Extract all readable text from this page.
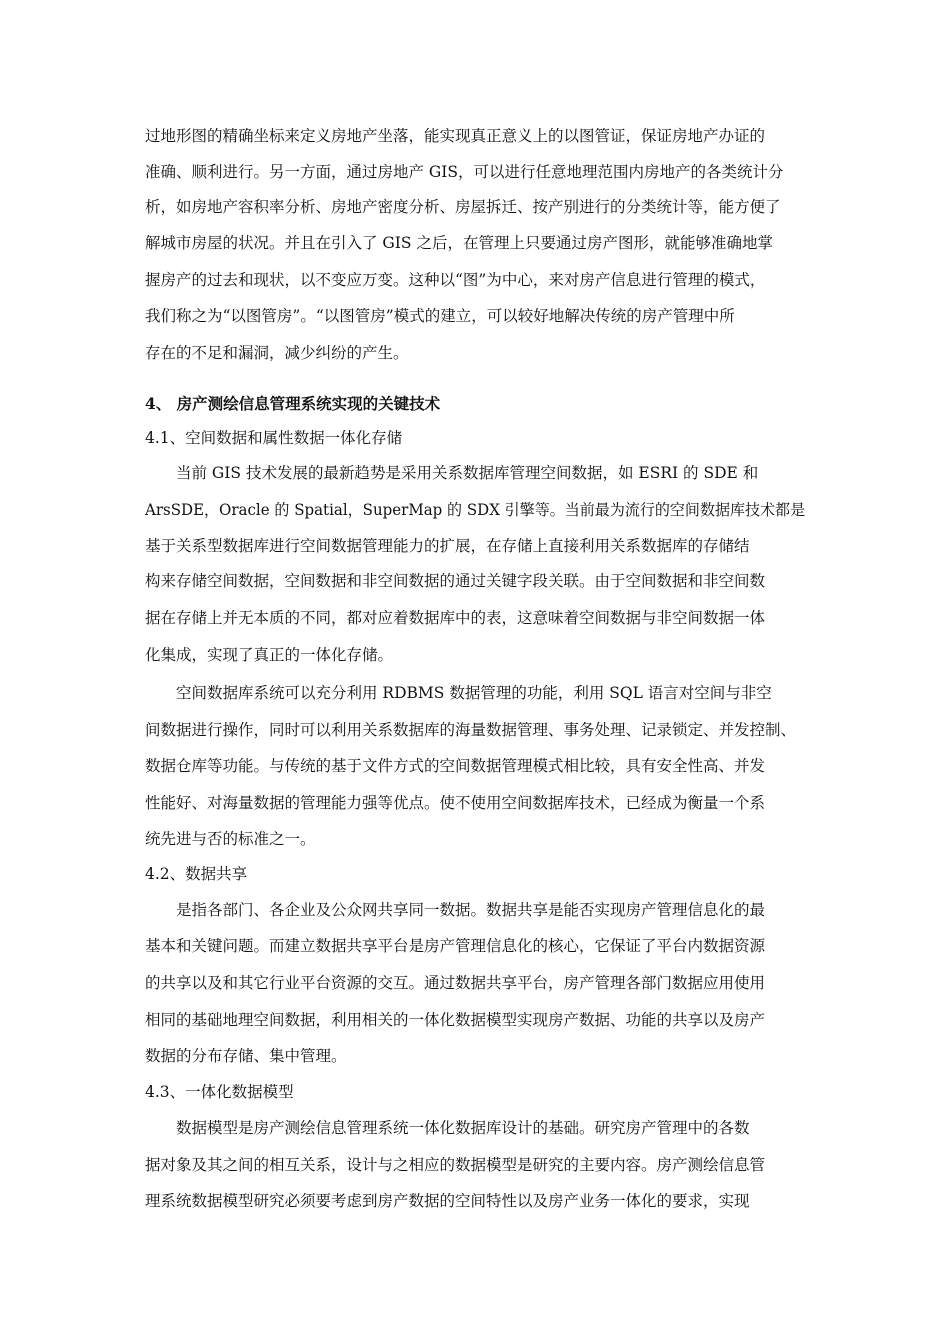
过地形图的精确坐标来定义房地产坐落，能实现真正意义上的以图管证，保证房地产办证的
准确、顺利进行。另一方面，通过房地产 GIS，可以进行任意地理范围内房地产的各类统计分
析，如房地产容积率分析、房地产密度分析、房屋拆迁、按产别进行的分类统计等，能方便了
解城市房屋的状况。并且在引入了 GIS 之后，在管理上只要通过房产图形，就能够准确地掌
握房产的过去和现状，以不变应万变。这种以“图”为中心，来对房产信息进行管理的模式，
我们称之为“以图管房”。“以图管房”模式的建立，可以较好地解决传统的房产管理中所
存在的不足和漏洞，减少纠纷的产生。
4、 房产测绘信息管理系统实现的关键技术
4.1、空间数据和属性数据一体化存储
当前 GIS 技术发展的最新趋势是采用关系数据库管理空间数据，如 ESRI 的 SDE 和
ArsSDE，Oracle 的 Spatial，SuperMap 的 SDX 引擎等。当前最为流行的空间数据库技术都是
基于关系型数据库进行空间数据管理能力的扩展，在存储上直接利用关系数据库的存储结
构来存储空间数据，空间数据和非空间数据的通过关键字段关联。由于空间数据和非空间数
据在存储上并无本质的不同，都对应着数据库中的表，这意味着空间数据与非空间数据一体
化集成，实现了真正的一体化存储。
空间数据库系统可以充分利用 RDBMS 数据管理的功能，利用 SQL 语言对空间与非空
间数据进行操作，同时可以利用关系数据库的海量数据管理、事务处理、记录锁定、并发控制、
数据仓库等功能。与传统的基于文件方式的空间数据管理模式相比较，具有安全性高、并发
性能好、对海量数据的管理能力强等优点。使不使用空间数据库技术，已经成为衡量一个系
统先进与否的标准之一。
4.2、数据共享
是指各部门、各企业及公众网共享同一数据。数据共享是能否实现房产管理信息化的最
基本和关键问题。而建立数据共享平台是房产管理信息化的核心，它保证了平台内数据资源
的共享以及和其它行业平台资源的交互。通过数据共享平台，房产管理各部门数据应用使用
相同的基础地理空间数据，利用相关的一体化数据模型实现房产数据、功能的共享以及房产
数据的分布存储、集中管理。
4.3、一体化数据模型
数据模型是房产测绘信息管理系统一体化数据库设计的基础。研究房产管理中的各数
据对象及其之间的相互关系，设计与之相应的数据模型是研究的主要内容。房产测绘信息管
理系统数据模型研究必须要考虑到房产数据的空间特性以及房产业务一体化的要求，实现
